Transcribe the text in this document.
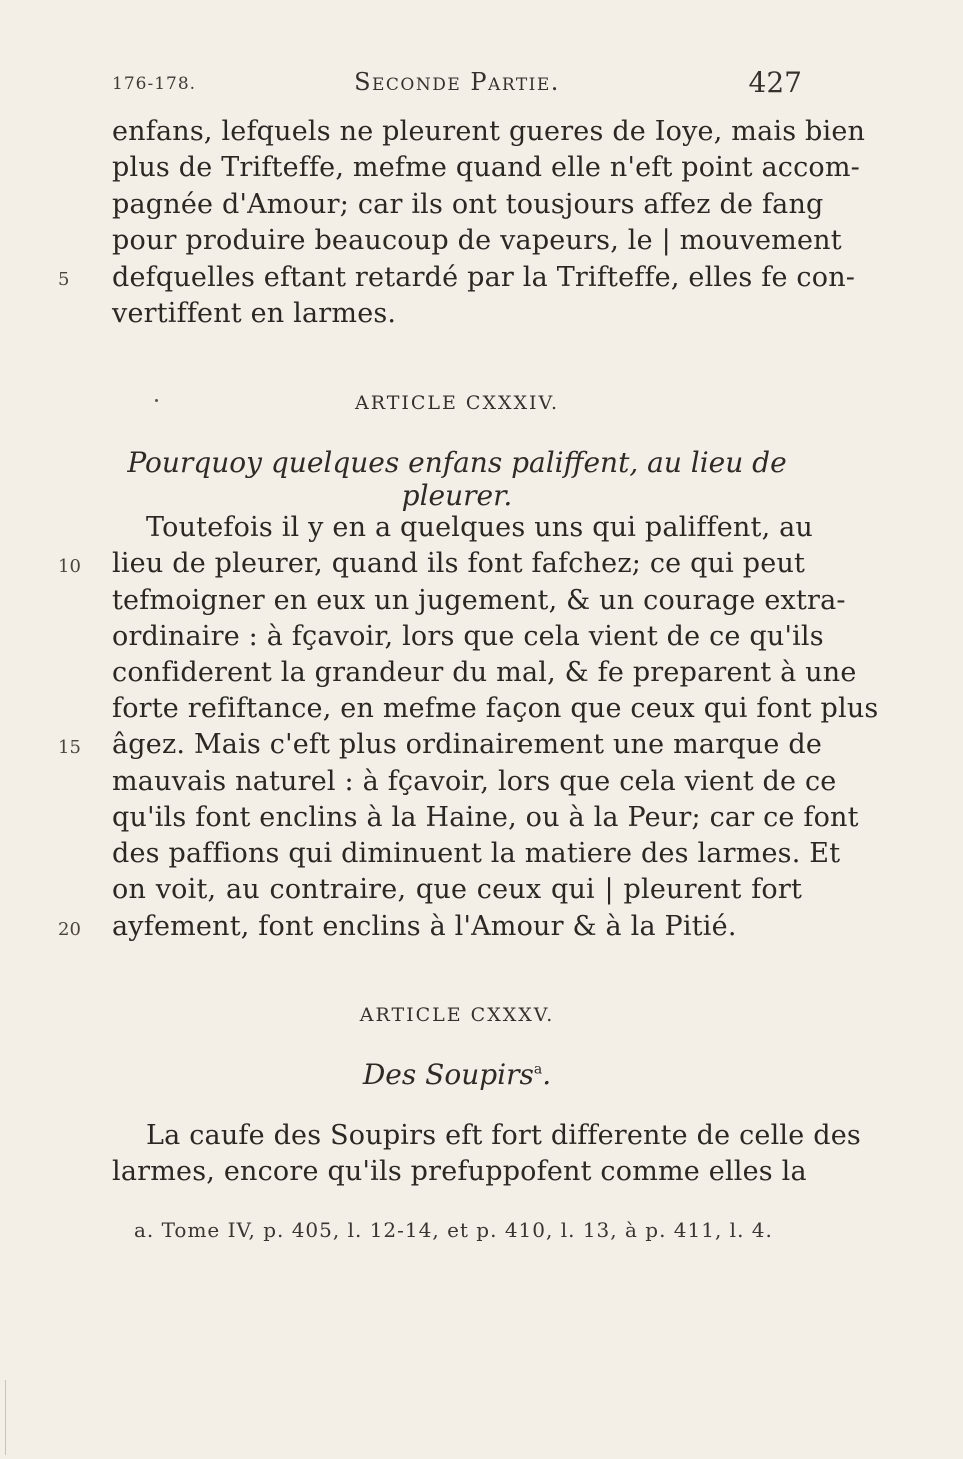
176-178.	Seconde Partie.	427
enfans, lefquels ne pleurent gueres de Ioye, mais bien
plus de Trifteffe, mefme quand elle n'eft point accom-
pagnée d'Amour; car ils ont tousjours affez de fang
pour produire beaucoup de vapeurs, le | mouvement
defquelles eftant retardé par la Trifteffe, elles fe con-
5
vertiffent en larmes.
ARTICLE CXXXIV.
Pourquoy quelques enfans paliffent, au lieu de pleurer.
Toutefois il y en a quelques uns qui paliffent, au
10 lieu de pleurer, quand ils font fafchez; ce qui peut
tefmoigner en eux un jugement, & un courage extra-
ordinaire : à fçavoir, lors que cela vient de ce qu'ils
confiderent la grandeur du mal, & fe preparent à une
forte refiftance, en mefme façon que ceux qui font plus
15 âgez. Mais c'eft plus ordinairement une marque de
mauvais naturel : à fçavoir, lors que cela vient de ce
qu'ils font enclins à la Haine, ou à la Peur; car ce font
des paffions qui diminuent la matiere des larmes. Et
on voit, au contraire, que ceux qui | pleurent fort
20 ayfement, font enclins à l'Amour & à la Pitié.
ARTICLE CXXXV.
Des Soupirs$^a$.
La caufe des Soupirs eft fort differente de celle des
larmes, encore qu'ils prefuppofent comme elles la
a. Tome IV, p. 405, l. 12-14, et p. 410, l. 13, à p. 411, l. 4.
